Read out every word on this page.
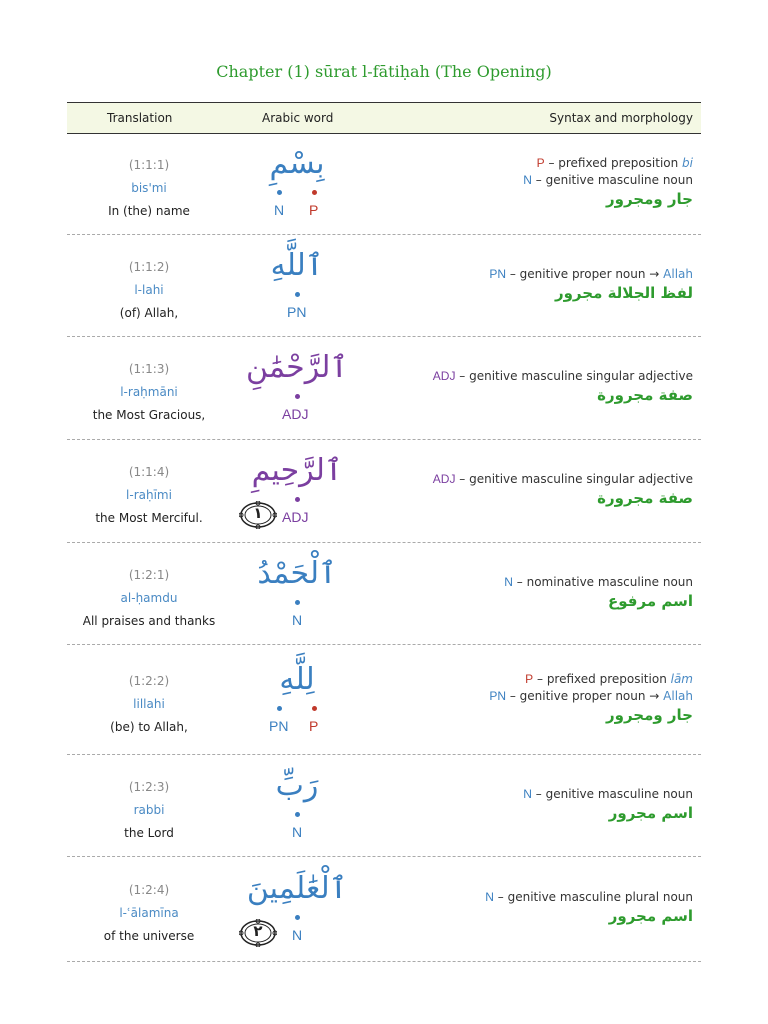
Chapter (1) sūrat l-fātiḥah (The Opening)
Translation	Arabic word	Syntax and morphology
(1:1:1)
bis'mi
In (the) name
بِسْمِ
N P
P – prefixed preposition bi
N – genitive masculine noun
جار ومجرور
(1:1:2)
l-lahi
(of) Allah,
ٱللَّهِ
PN
PN – genitive proper noun → Allah
لفظ الجلالة مجرور
(1:1:3)
l-raḥmāni
the Most Gracious,
ٱلرَّحْمَٰنِ
ADJ
ADJ – genitive masculine singular adjective
صفة مجرورة
(1:1:4)
l-raḥīmi
the Most Merciful.
ٱلرَّحِيمِ
ADJ
١
ADJ – genitive masculine singular adjective
صفة مجرورة
(1:2:1)
al-ḥamdu
All praises and thanks
ٱلْحَمْدُ
N
N – nominative masculine noun
اسم مرفوع
(1:2:2)
lillahi
(be) to Allah,
لِلَّهِ
PN P
P – prefixed preposition lām
PN – genitive proper noun → Allah
جار ومجرور
(1:2:3)
rabbi
the Lord
رَبِّ
N
N – genitive masculine noun
اسم مجرور
(1:2:4)
l-ʿālamīna
of the universe
ٱلْعَٰلَمِينَ
N
٢
N – genitive masculine plural noun
اسم مجرور
